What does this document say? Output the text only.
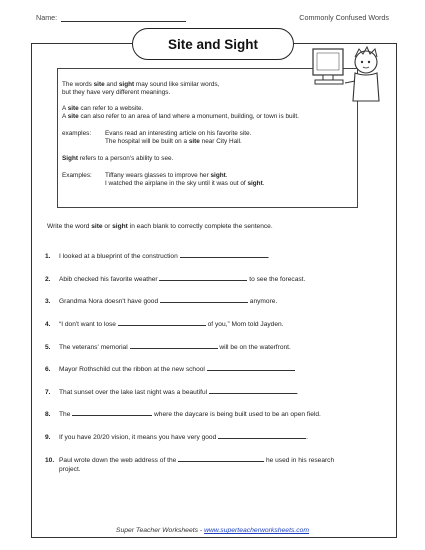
Name:	Commonly Confused Words
Site and Sight
The words site and sight may sound like similar words,
but they have very different meanings.
A site can refer to a website.
A site can also refer to an area of land where a monument, building, or town is built.
examples: Evans read an interesting article on his favorite site.
The hospital will be built on a site near City Hall.
Sight refers to a person's ability to see.
Examples: Tiffany wears glasses to improve her sight.
I watched the airplane in the sky until it was out of sight.
Write the word site or sight in each blank to correctly complete the sentence.
1. I looked at a blueprint of the construction	.
2. Abib checked his favorite weather	to see the forecast.
3. Grandma Nora doesn't have good	anymore.
4. “I don't want to lose	of you,” Mom told Jayden.
5. The veterans' memorial	will be on the waterfront.
6. Mayor Rothschild cut the ribbon at the new school
7. That sunset over the lake last night was a beautiful	.
8. The	where the daycare is being built used to be an open field.
9. If you have 20/20 vision, it means you have very good	.
10. Paul wrote down the web address of the	he used in his research
project.
Super Teacher Worksheets - www.superteacherworksheets.com
